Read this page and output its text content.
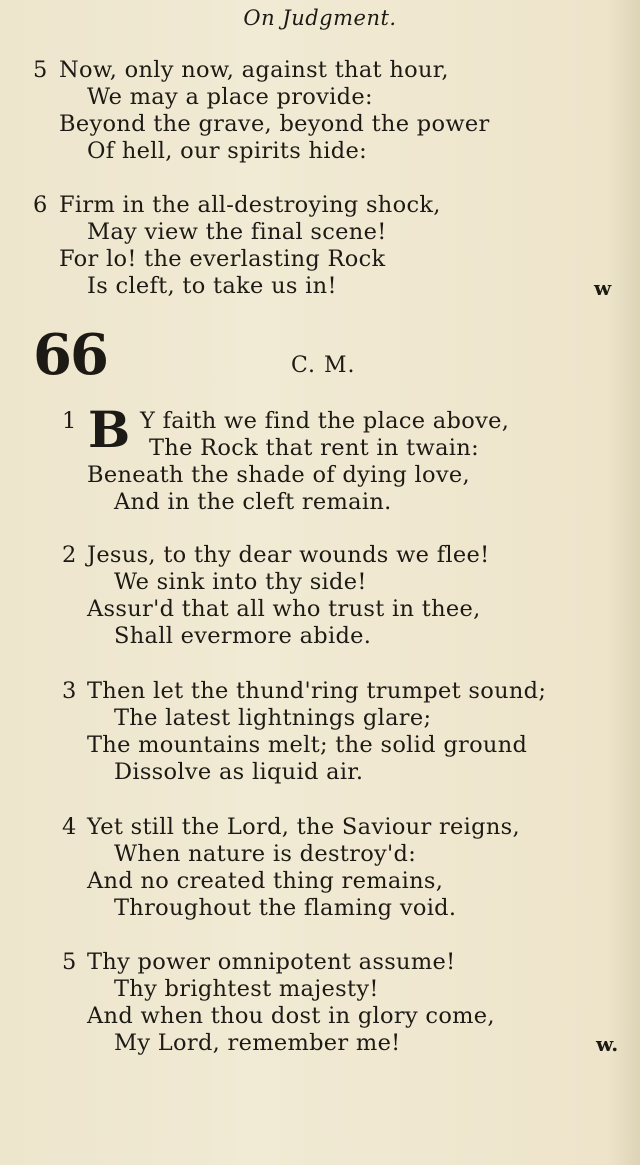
On Judgment.
5 Now, only now, against that hour,
We may a place provide:
Beyond the grave, beyond the power
Of hell, our spirits hide:
6 Firm in the all-destroying shock,
May view the final scene!
For lo! the everlasting Rock
Is cleft, to take us in!	w
66	C. M.
1 B Y faith we find the place above,
The Rock that rent in twain:
Beneath the shade of dying love,
And in the cleft remain.
2 Jesus, to thy dear wounds we flee!
We sink into thy side!
Assur'd that all who trust in thee,
Shall evermore abide.
3 Then let the thund'ring trumpet sound;
The latest lightnings glare;
The mountains melt; the solid ground
Dissolve as liquid air.
4 Yet still the Lord, the Saviour reigns,
When nature is destroy'd:
And no created thing remains,
Throughout the flaming void.
5 Thy power omnipotent assume!
Thy brightest majesty!
And when thou dost in glory come,
My Lord, remember me!	w.
